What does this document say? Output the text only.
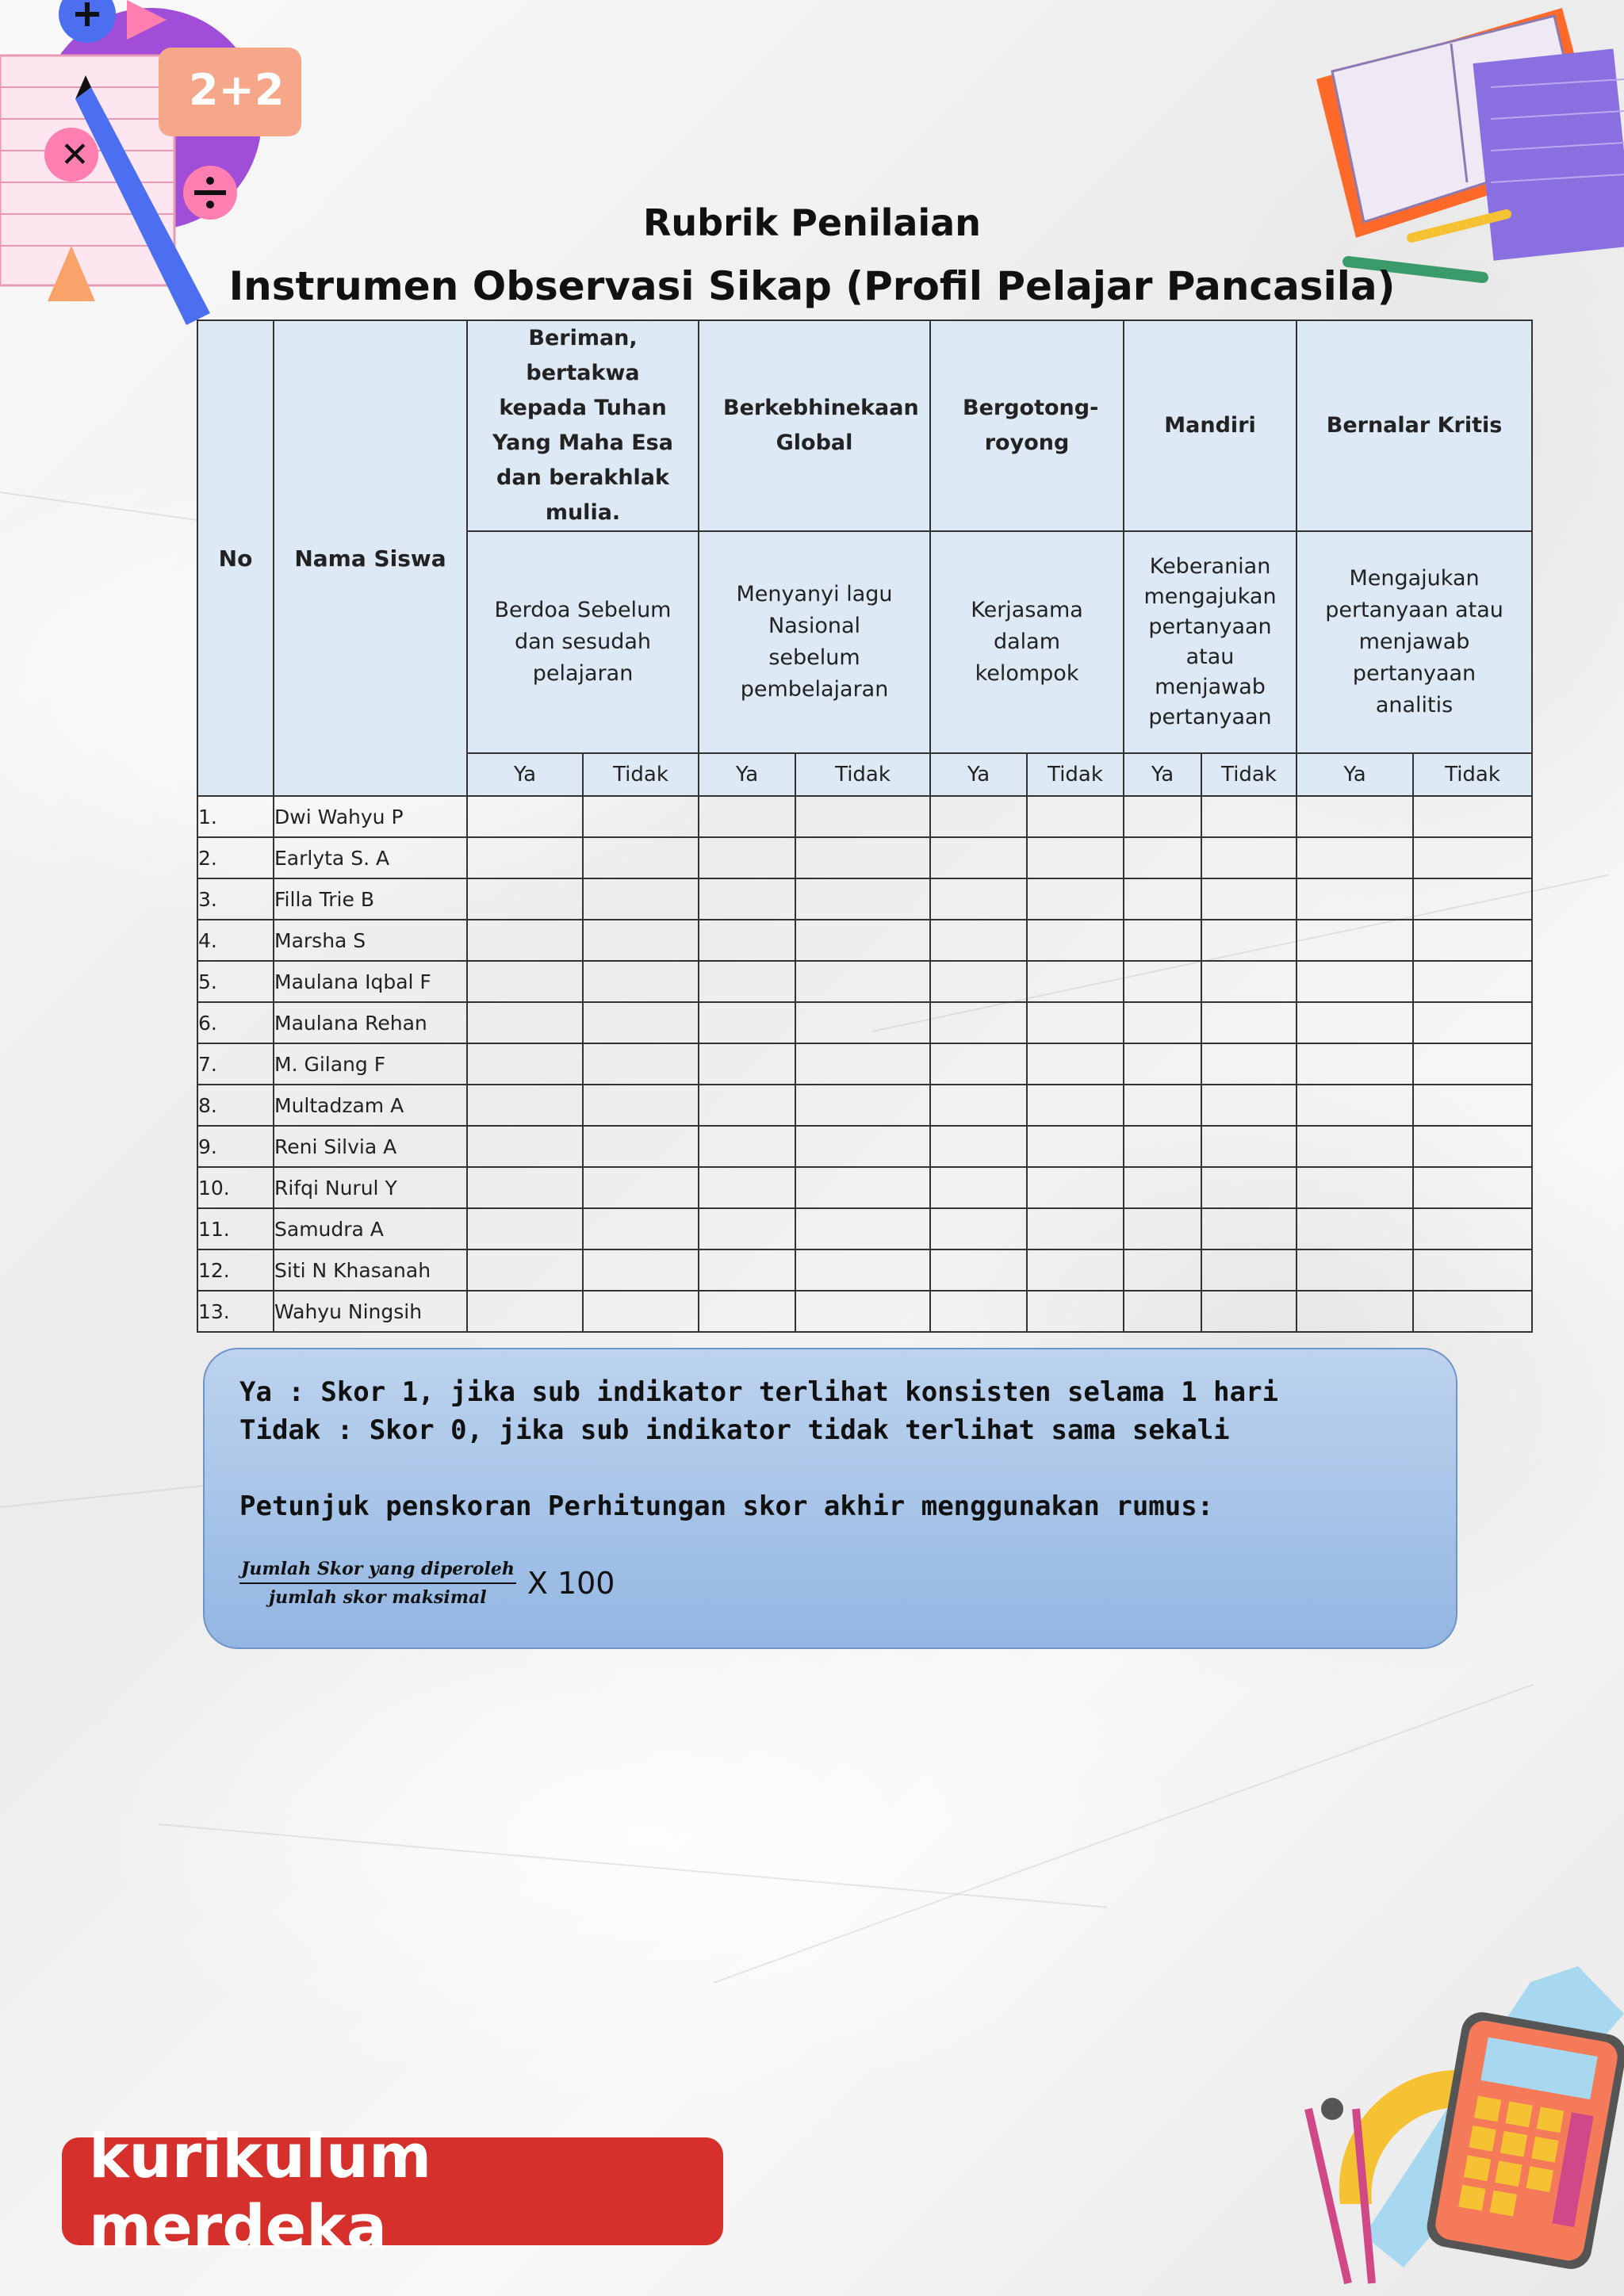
2+2
✕
Rubrik Penilaian
Instrumen Observasi Sikap (Profil Pelajar Pancasila)
No	Nama Siswa	Beriman, bertakwa kepada Tuhan Yang Maha Esa dan berakhlak mulia.		Berkebhinekaan Global		Bergotong-royong		Mandiri		Bernalar Kritis	
		Berdoa Sebelum dan sesudah pelajaran		Menyanyi lagu Nasional sebelum pembelajaran		Kerjasama dalam kelompok		Keberanian mengajukan pertanyaan atau menjawab pertanyaan		Mengajukan pertanyaan atau menjawab pertanyaan analitis	
		Ya	Tidak	Ya	Tidak	Ya	Tidak	Ya	Tidak	Ya	Tidak
1.	Dwi Wahyu P										
2.	Earlyta S. A										
3.	Filla Trie B										
4.	Marsha S										
5.	Maulana Iqbal F										
6.	Maulana Rehan										
7.	M. Gilang F										
8.	Multadzam A										
9.	Reni Silvia A										
10.	Rifqi Nurul Y										
11.	Samudra A										
12.	Siti N Khasanah										
13.	Wahyu Ningsih										
Ya : Skor 1, jika sub indikator terlihat konsisten selama 1 hari
Tidak : Skor 0, jika sub indikator tidak terlihat sama sekali
Petunjuk penskoran Perhitungan skor akhir menggunakan rumus:
$\frac{\text{Jumlah Skor yang diperoleh}}{\text{jumlah skor maksimal}}$ X 100
kurikulum merdeka
